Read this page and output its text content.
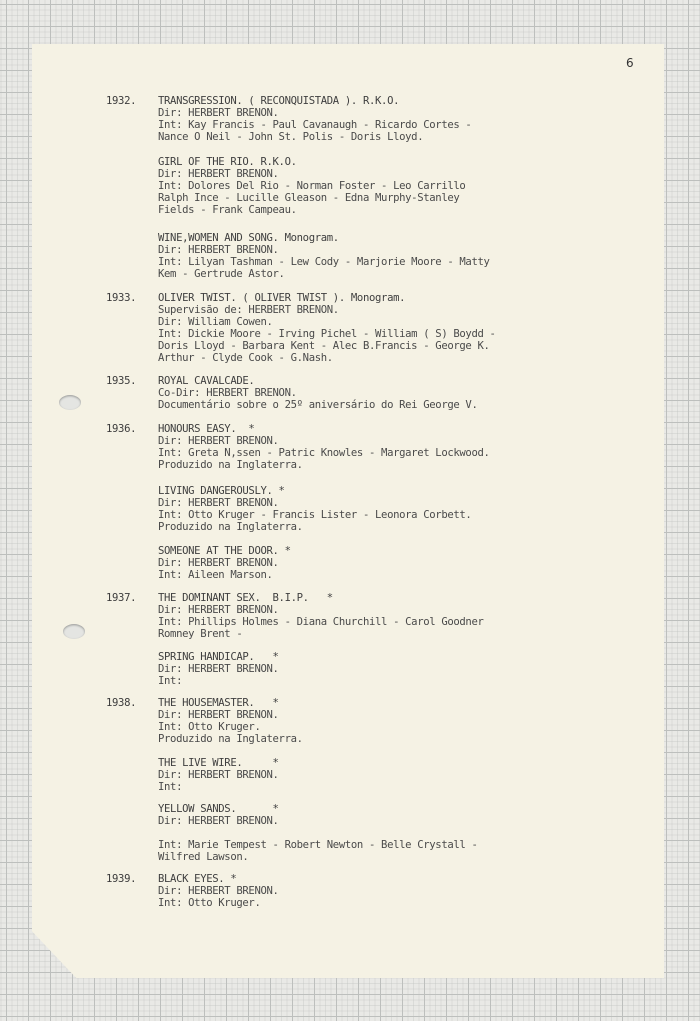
6
1932.	TRANSGRESSION. ( RECONQUISTADA ). R.K.O.
Dir: HERBERT BRENON.
Int: Kay Francis - Paul Cavanaugh - Ricardo Cortes -
Nance O Neil - John St. Polis - Doris Lloyd.
GIRL OF THE RIO. R.K.O.
Dir: HERBERT BRENON.
Int: Dolores Del Rio - Norman Foster - Leo Carrillo
Ralph Ince - Lucille Gleason - Edna Murphy-Stanley
Fields - Frank Campeau.
WINE,WOMEN AND SONG. Monogram.
Dir: HERBERT BRENON.
Int: Lilyan Tashman - Lew Cody - Marjorie Moore - Matty
Kem - Gertrude Astor.
1933.	OLIVER TWIST. ( OLIVER TWIST ). Monogram.
Supervisão de: HERBERT BRENON.
Dir: William Cowen.
Int: Dickie Moore - Irving Pichel - William ( S) Boydd -
Doris Lloyd - Barbara Kent - Alec B.Francis - George K.
Arthur - Clyde Cook - G.Nash.
1935.	ROYAL CAVALCADE.
Co-Dir: HERBERT BRENON.
Documentário sobre o 25º aniversário do Rei George V.
1936.	HONOURS EASY.  *
Dir: HERBERT BRENON.
Int: Greta N,ssen - Patric Knowles - Margaret Lockwood.
Produzido na Inglaterra.
LIVING DANGEROUSLY. *
Dir: HERBERT BRENON.
Int: Otto Kruger - Francis Lister - Leonora Corbett.
Produzido na Inglaterra.
SOMEONE AT THE DOOR. *
Dir: HERBERT BRENON.
Int: Aileen Marson.
1937.	THE DOMINANT SEX.  B.I.P.   *
Dir: HERBERT BRENON.
Int: Phillips Holmes - Diana Churchill - Carol Goodner
Romney Brent -
SPRING HANDICAP.   *
Dir: HERBERT BRENON.
Int:
1938.	THE HOUSEMASTER.   *
Dir: HERBERT BRENON.
Int: Otto Kruger.
Produzido na Inglaterra.
THE LIVE WIRE.     *
Dir: HERBERT BRENON.
Int:
YELLOW SANDS.      *
Dir: HERBERT BRENON.

Int: Marie Tempest - Robert Newton - Belle Crystall -
Wilfred Lawson.
1939.	BLACK EYES. *
Dir: HERBERT BRENON.
Int: Otto Kruger.
